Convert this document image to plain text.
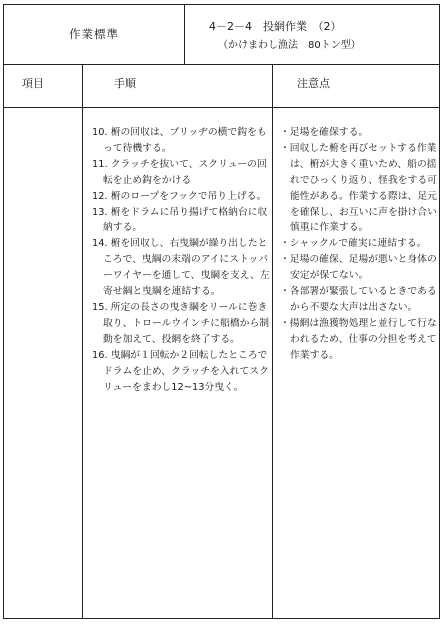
作業標準
4－2－4　投網作業　（2）
（かけまわし漁法　80トン型）
項目	手順	注意点
10. 椨の回収は、ブリッヂの横で鈎をもって待機する。
11. クラッチを抜いて、スクリューの回転を止め鈎をかける
12. 椨のロープをフックで吊り上げる。
13. 椨をドラムに吊り揚げて格納台に収納する。
14. 椨を回収し、右曳綱が繰り出したところで、曳綱の末端のアイにストッパーワイヤーを通して、曳綱を支え、左寄せ綱と曳綱を連結する。
15. 所定の長さの曳き綱をリールに巻き取り、トロールウインチに船橋から制動を加えて、投網を終了する。
16. 曳綱が１回転か２回転したところでドラムを止め、クラッチを入れてスクリューをまわし12~13分曳く。
・足場を確保する。
・回収した椨を再びセットする作業は、椨が大きく重いため、船の揺れでひっくり返り、怪我をする可能性がある。作業する際は、足元を確保し、お互いに声を掛け合い慎重に作業する。
・シャックルで確実に連結する。
・足場の確保、足場が悪いと身体の安定が保てない。
・各部署が緊張しているときであるから不要な大声は出さない。
・揚網は漁獲物処理と並行して行なわれるため、仕事の分担を考えて作業する。
